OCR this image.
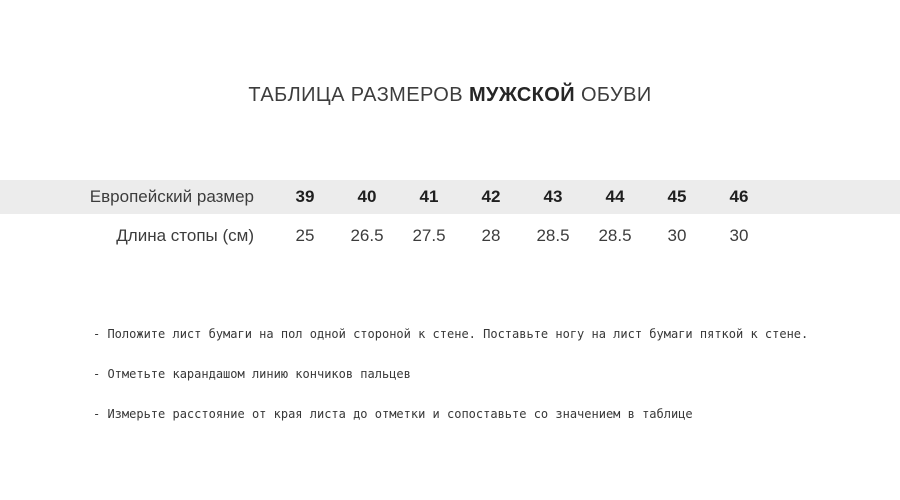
ТАБЛИЦА РАЗМЕРОВ МУЖСКОЙ ОБУВИ
Европейский размер	39	40	41	42	43	44	45	46
Длина стопы (см)	25	26.5	27.5	28	28.5	28.5	30	30
- Положите лист бумаги на пол одной стороной к стене. Поставьте ногу на лист бумаги пяткой к стене.
- Отметьте карандашом линию кончиков пальцев
- Измерьте расстояние от края листа до отметки и сопоставьте со значением в таблице
